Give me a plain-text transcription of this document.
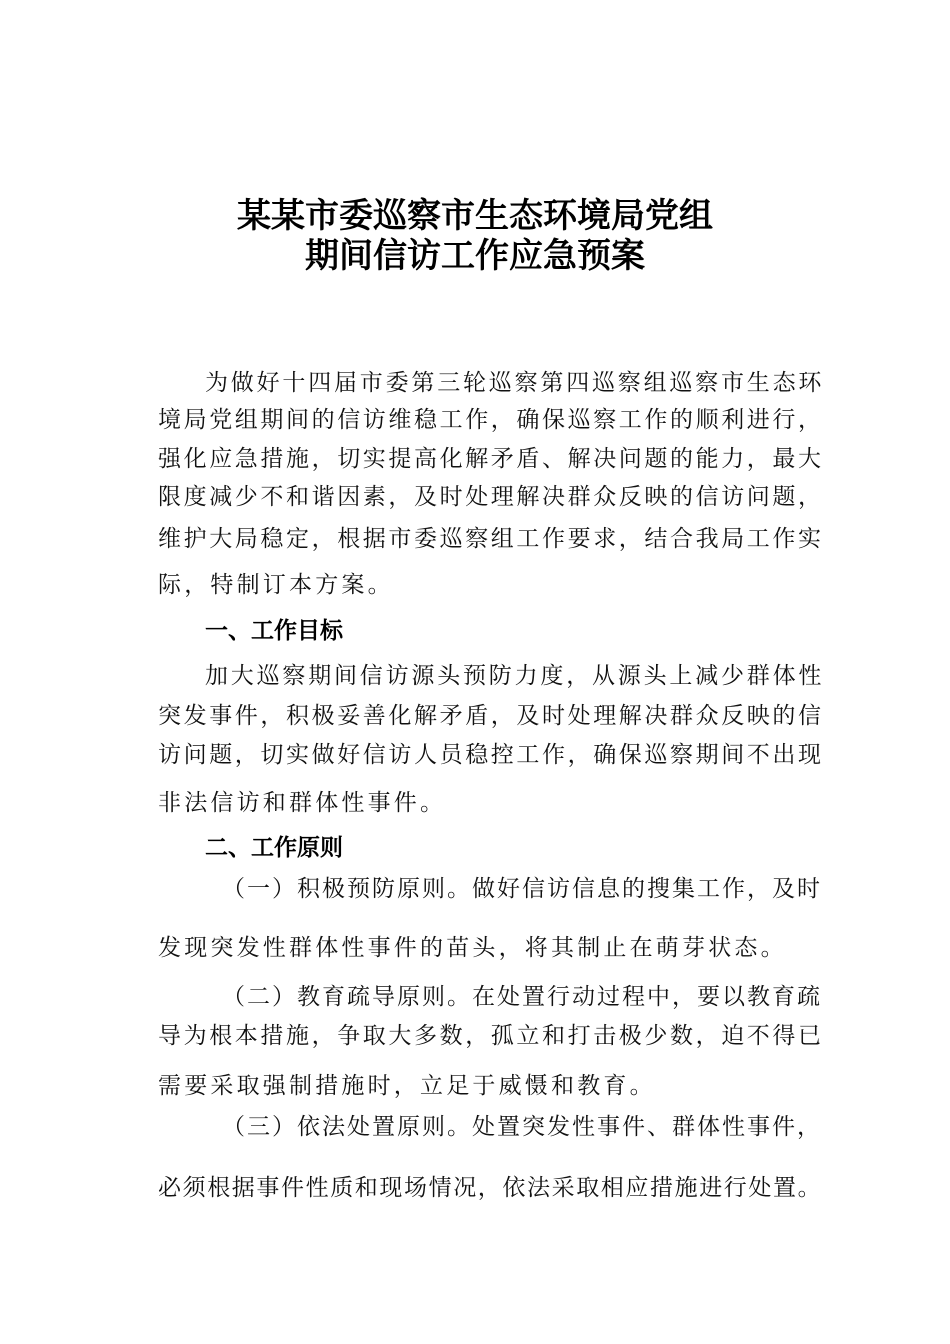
某某市委巡察市生态环境局党组
期间信访工作应急预案
为做好十四届市委第三轮巡察第四巡察组巡察市生态环
境局党组期间的信访维稳工作，确保巡察工作的顺利进行，
强化应急措施，切实提高化解矛盾、解决问题的能力，最大
限度减少不和谐因素，及时处理解决群众反映的信访问题，
维护大局稳定，根据市委巡察组工作要求，结合我局工作实
际，特制订本方案。
一、工作目标
加大巡察期间信访源头预防力度，从源头上减少群体性
突发事件，积极妥善化解矛盾，及时处理解决群众反映的信
访问题，切实做好信访人员稳控工作，确保巡察期间不出现
非法信访和群体性事件。
二、工作原则
（一）积极预防原则。做好信访信息的搜集工作，及时
发现突发性群体性事件的苗头，将其制止在萌芽状态。
（二）教育疏导原则。在处置行动过程中，要以教育疏
导为根本措施，争取大多数，孤立和打击极少数，迫不得已
需要采取强制措施时，立足于威慑和教育。
（三）依法处置原则。处置突发性事件、群体性事件，
必须根据事件性质和现场情况，依法采取相应措施进行处置。
